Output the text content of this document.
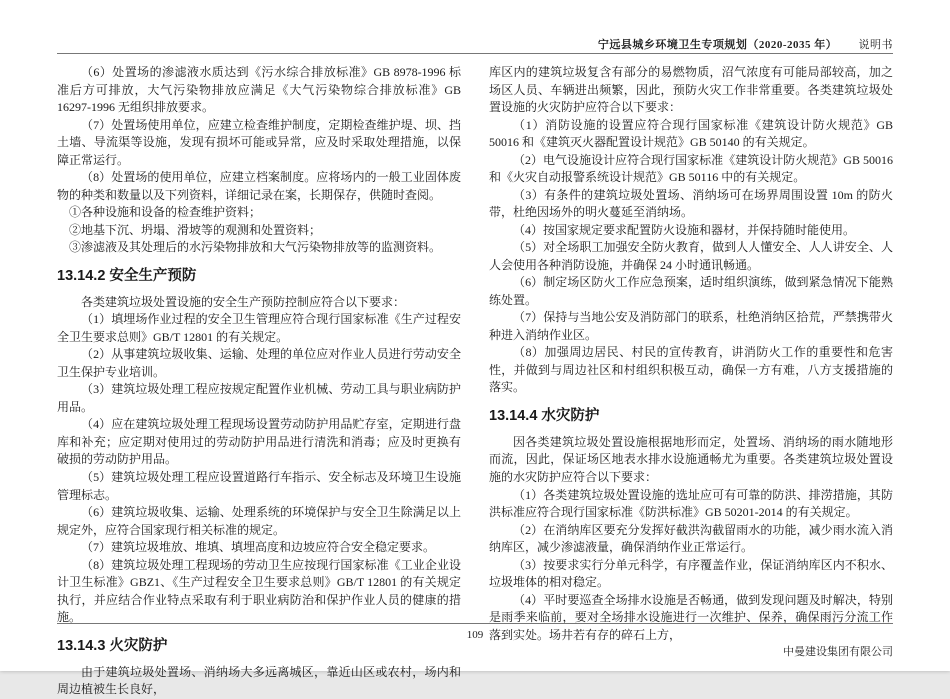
宁远县城乡环境卫生专项规划（2020-2035 年） 说明书
（6）处置场的渗滤液水质达到《污水综合排放标准》GB 8978-1996 标准后方可排放，大气污染物排放应满足《大气污染物综合排放标准》GB 16297-1996 无组织排放要求。
（7）处置场使用单位，应建立检查维护制度，定期检查维护堤、坝、挡土墙、导流渠等设施，发现有损坏可能或异常，应及时采取处理措施，以保障正常运行。
（8）处置场的使用单位，应建立档案制度。应将场内的一般工业固体废物的种类和数量以及下列资料，详细记录在案，长期保存，供随时查阅。
①各种设施和设备的检查维护资料；
②地基下沉、坍塌、滑坡等的观测和处置资料；
③渗滤液及其处理后的水污染物排放和大气污染物排放等的监测资料。
13.14.2 安全生产预防
各类建筑垃圾处置设施的安全生产预防控制应符合以下要求：
（1）填埋场作业过程的安全卫生管理应符合现行国家标准《生产过程安全卫生要求总则》GB/T 12801 的有关规定。
（2）从事建筑垃圾收集、运输、处理的单位应对作业人员进行劳动安全卫生保护专业培训。
（3）建筑垃圾处理工程应按规定配置作业机械、劳动工具与职业病防护用品。
（4）应在建筑垃圾处理工程现场设置劳动防护用品贮存室，定期进行盘库和补充；应定期对使用过的劳动防护用品进行清洗和消毒；应及时更换有破损的劳动防护用品。
（5）建筑垃圾处理工程应设置道路行车指示、安全标志及环境卫生设施管理标志。
（6）建筑垃圾收集、运输、处理系统的环境保护与安全卫生除满足以上规定外，应符合国家现行相关标准的规定。
（7）建筑垃圾堆放、堆填、填埋高度和边坡应符合安全稳定要求。
（8）建筑垃圾处理工程现场的劳动卫生应按现行国家标准《工业企业设计卫生标准》GBZ1、《生产过程安全卫生要求总则》GB/T 12801 的有关规定执行，并应结合作业特点采取有利于职业病防治和保护作业人员的健康的措施。
13.14.3 火灾防护
由于建筑垃圾处置场、消纳场大多远离城区，靠近山区或农村，场内和周边植被生长良好，
库区内的建筑垃圾复含有部分的易燃物质，沼气浓度有可能局部较高，加之场区人员、车辆进出频繁，因此，预防火灾工作非常重要。各类建筑垃圾处置设施的火灾防护应符合以下要求：
（1）消防设施的设置应符合现行国家标准《建筑设计防火规范》GB 50016 和《建筑灭火器配置设计规范》GB 50140 的有关规定。
（2）电气设施设计应符合现行国家标准《建筑设计防火规范》GB 50016 和《火灾自动报警系统设计规范》GB 50116 中的有关规定。
（3）有条件的建筑垃圾处置场、消纳场可在场界周围设置 10m 的防火带，杜绝因场外的明火蔓延至消纳场。
（4）按国家规定要求配置防火设施和器材，并保持随时能使用。
（5）对全场职工加强安全防火教育，做到人人懂安全、人人讲安全、人人会使用各种消防设施，并确保 24 小时通讯畅通。
（6）制定场区防火工作应急预案，适时组织演练，做到紧急情况下能熟练处置。
（7）保持与当地公安及消防部门的联系，杜绝消纳区拾荒，严禁携带火种进入消纳作业区。
（8）加强周边居民、村民的宣传教育，讲消防火工作的重要性和危害性，并做到与周边社区和村组织积极互动，确保一方有难，八方支援措施的落实。
13.14.4 水灾防护
因各类建筑垃圾处置设施根据地形而定，处置场、消纳场的雨水随地形而流，因此，保证场区地表水排水设施通畅尤为重要。各类建筑垃圾处置设施的水灾防护应符合以下要求：
（1）各类建筑垃圾处置设施的选址应可有可靠的防洪、排涝措施，其防洪标准应符合现行国家标准《防洪标准》GB 50201-2014 的有关规定。
（2）在消纳库区要充分发挥好截洪沟截留雨水的功能，减少雨水流入消纳库区，减少渗滤液量，确保消纳作业正常运行。
（3）按要求实行分单元科学，有序覆盖作业，保证消纳库区内不积水、垃圾堆体的相对稳定。
（4）平时要巡查全场排水设施是否畅通，做到发现问题及时解决，特别是雨季来临前，要对全场排水设施进行一次维护、保养，确保雨污分流工作落到实处。场井若有存的碎石上方，
109
中曼建设集团有限公司
